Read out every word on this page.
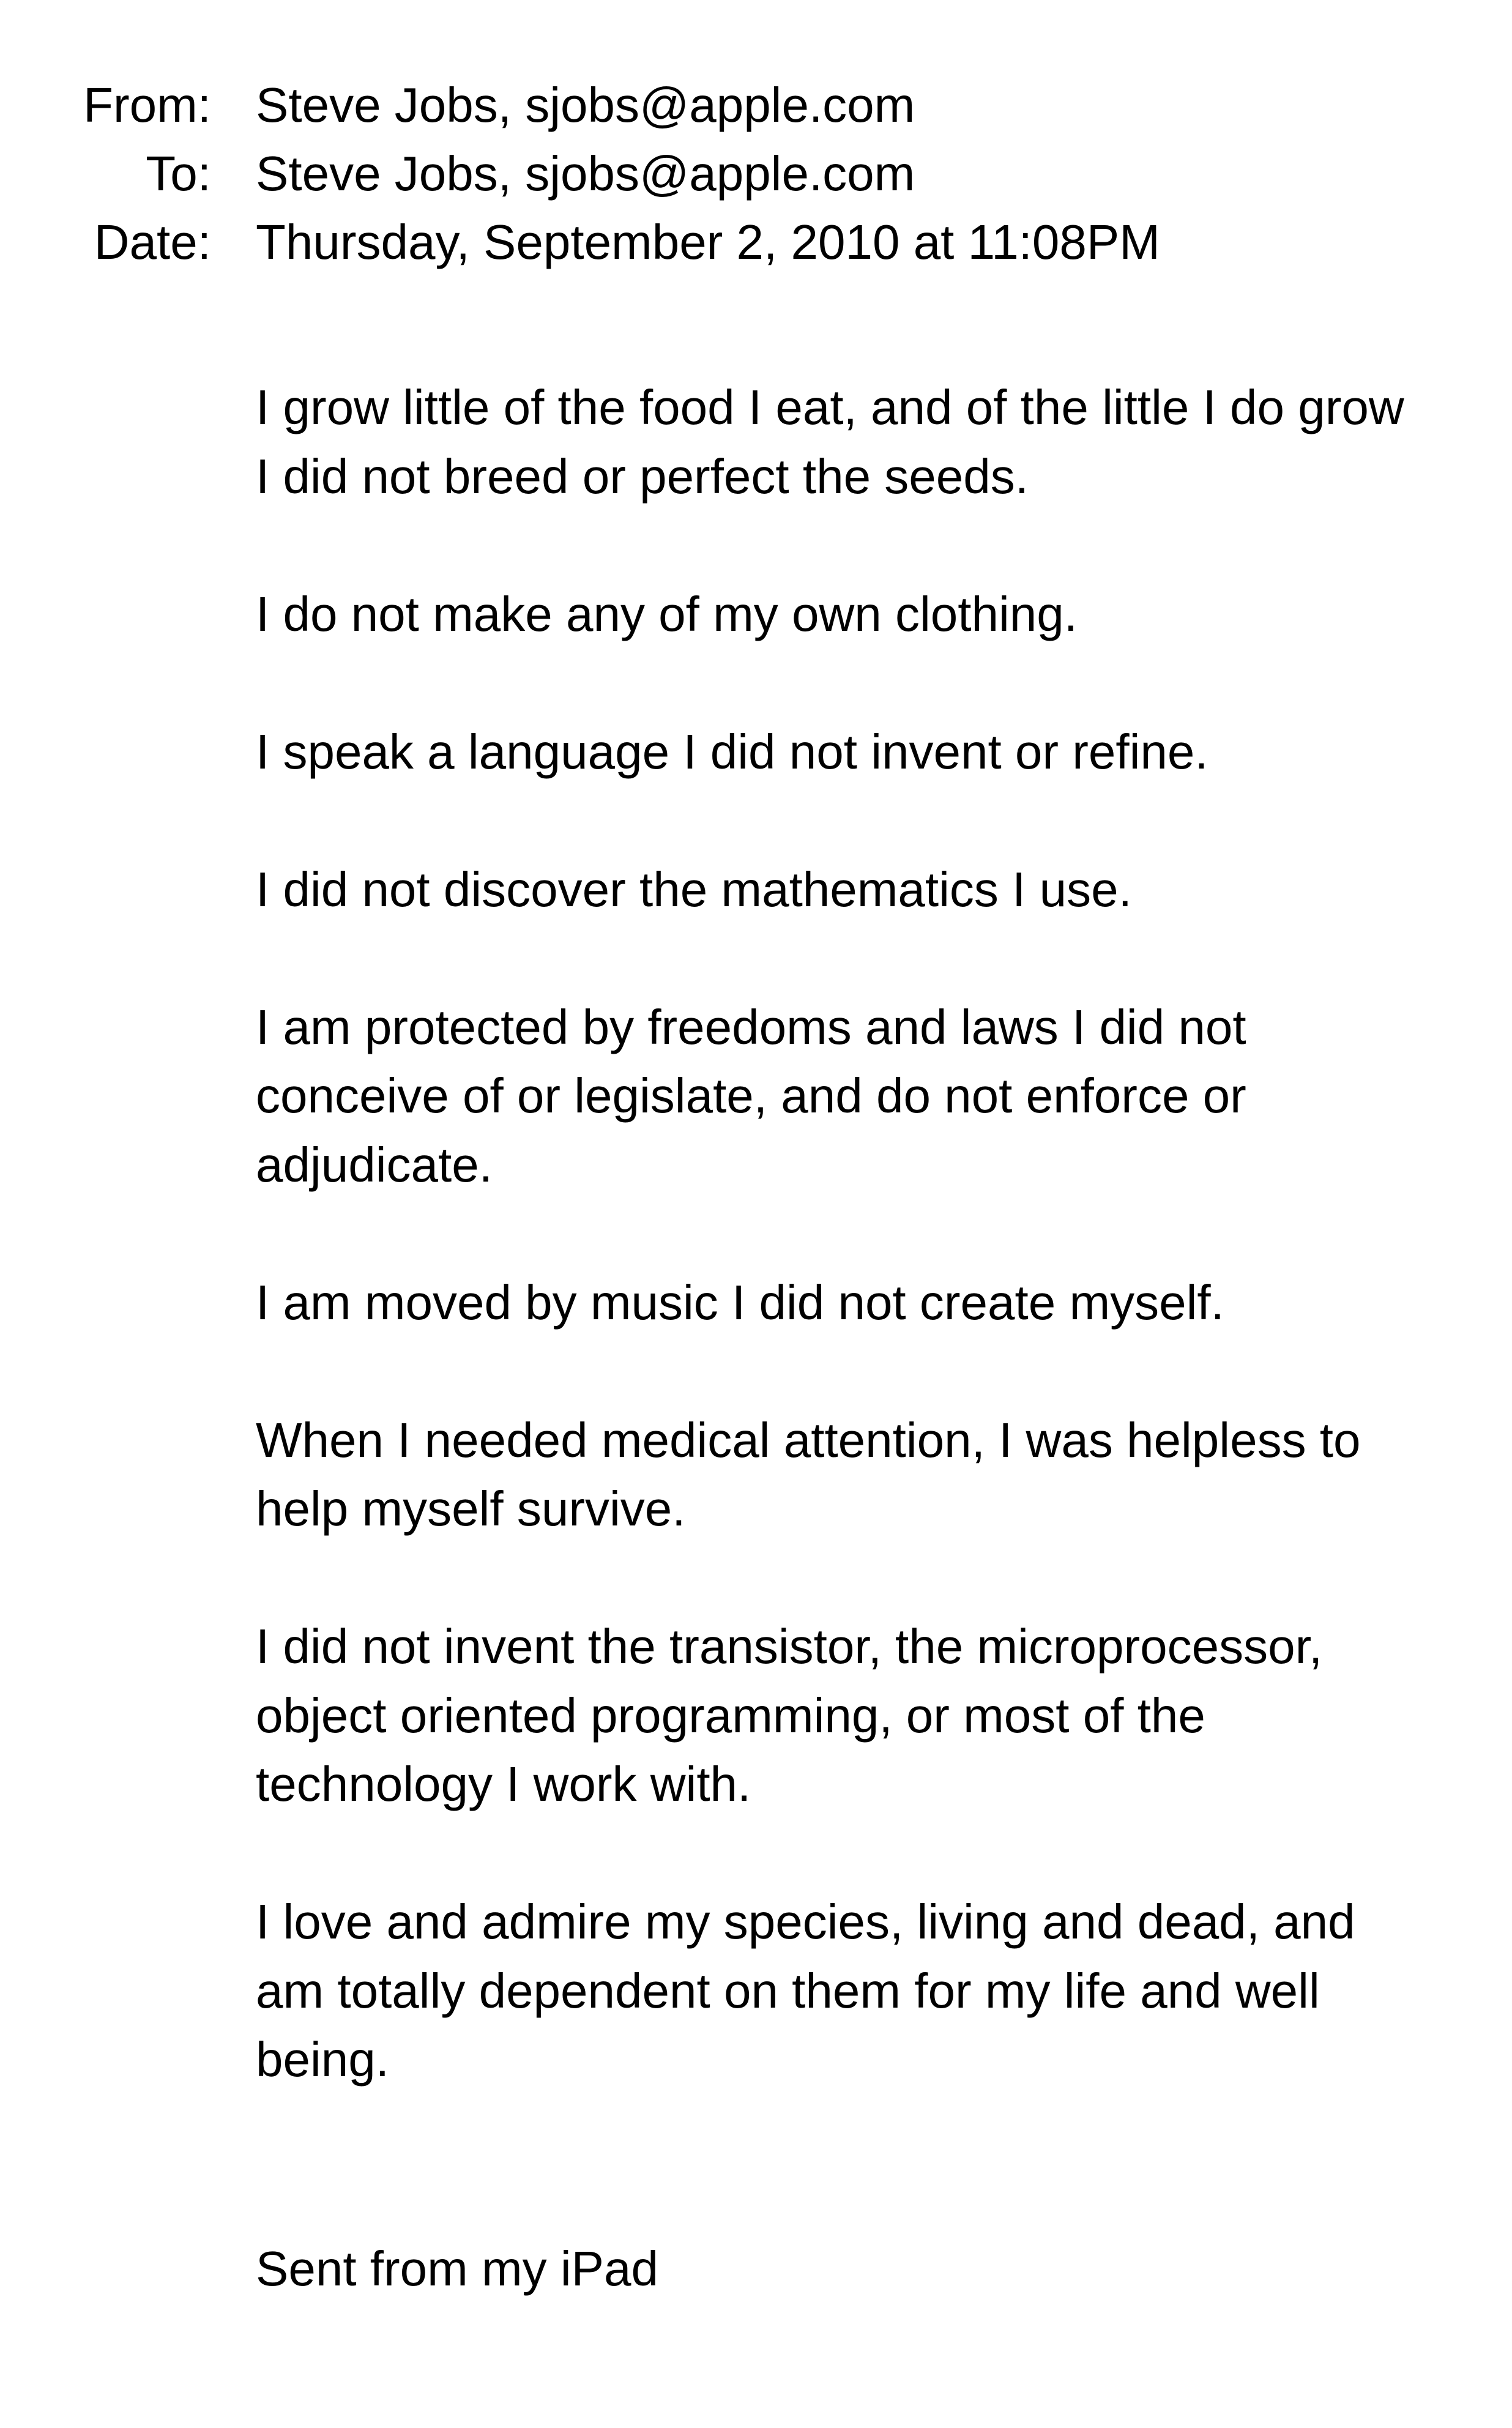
From: Steve Jobs, sjobs@apple.com
To: Steve Jobs, sjobs@apple.com
Date: Thursday, September 2, 2010 at 11:08PM

I grow little of the food I eat, and of the little I do grow
I did not breed or perfect the seeds.

I do not make any of my own clothing.

I speak a language I did not invent or refine.

I did not discover the mathematics I use.

I am protected by freedoms and laws I did not
conceive of or legislate, and do not enforce or
adjudicate.

I am moved by music I did not create myself.

When I needed medical attention, I was helpless to
help myself survive.

I did not invent the transistor, the microprocessor,
object oriented programming, or most of the
technology I work with.

I love and admire my species, living and dead, and
am totally dependent on them for my life and well
being.

Sent from my iPad
